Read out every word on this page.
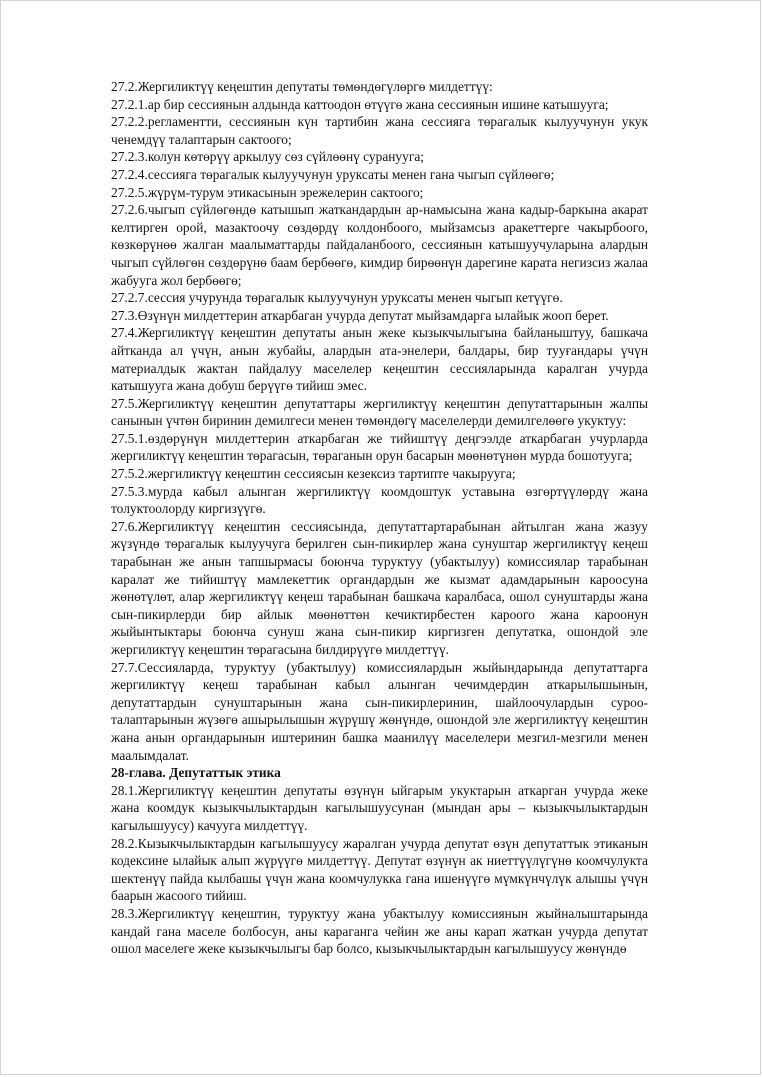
27.2.Жергиликтүү кеңештин депутаты төмөндөгүлөргө милдеттүү:

27.2.1.ар бир сессиянын алдында каттоодон өтүүгө жана сессиянын ишине катышууга;

27.2.2.регламентти, сессиянын күн тартибин жана сессияга төрагалык кылуучунун укук ченемдүү талаптарын сактоого;

27.2.3.колун көтөрүү аркылуу сөз сүйлөөнү суранууга;

27.2.4.сессияга төрагалык кылуучунун уруксаты менен гана чыгып сүйлөөгө;

27.2.5.жүрүм-турум этикасынын эрежелерин сактоого;

27.2.6.чыгып сүйлөгөндө катышып жаткандардын ар-намысына жана кадыр-баркына акарат келтирген орой, мазактоочу сөздөрдү колдонбоого, мыйзамсыз аракеттерге чакырбоого, көзкөрүнөө жалган маалыматтарды пайдаланбоого, сессиянын катышуучуларына алардын чыгып сүйлөгөн сөздөрүнө баам бербөөгө, кимдир бирөөнүн дарегине карата негизсиз жалаа жабууга жол бербөөгө;

27.2.7.сессия учурунда төрагалык кылуучунун уруксаты менен чыгып кетүүгө.

27.3.Өзүнүн милдеттерин аткарбаган учурда депутат мыйзамдарга ылайык жооп берет.

27.4.Жергиликтүү кеңештин депутаты анын жеке кызыкчылыгына байланыштуу, башкача айтканда ал үчүн, анын жубайы, алардын ата-энелери, балдары, бир тууғандары үчүн материалдык жактан пайдалуу маселелер кеңештин сессияларында каралган учурда катышууга жана добуш берүүгө тийиш эмес.

27.5.Жергиликтүү кеңештин депутаттары жергиликтүү кеңештин депутаттарынын жалпы санынын үчтөн биринин демилгеси менен төмөндөгү маселелерди демилгелөөгө укуктуу:

27.5.1.өздөрүнүн милдеттерин аткарбаган же тийиштүү деңгээлде аткарбаган учурларда жергиликтүү кеңештин төрагасын, төраганын орун басарын мөөнөтүнөн мурда бошотууга;

27.5.2.жергиликтүү кеңештин сессиясын кезексиз тартипте чакырууга;

27.5.3.мурда кабыл алынган жергиликтүү коомдоштук уставына өзгөртүүлөрдү жана толуктоолорду киргизүүгө.

27.6.Жергиликтүү кеңештин сессиясында, депутаттартарабынан айтылган жана жазуу жүзүндө төрагалык кылуучуга берилген сын-пикирлер жана сунуштар жергиликтүү кеңеш тарабынан же анын тапшырмасы боюнча туруктуу (убактылуу) комиссиялар тарабынан каралат же тийиштүү мамлекеттик органдардын же кызмат адамдарынын кароосуна жөнөтүлөт, алар жергиликтүү кеңеш тарабынан башкача каралбаса, ошол сунуштарды жана сын-пикирлерди бир айлык мөөнөттөн кечиктирбестен кароого жана кароонун жыйынтыктары боюнча сунуш жана сын-пикир киргизген депутатка, ошондой эле жергиликтүү кеңештин төрагасына билдирүүгө милдеттүү.

27.7.Сессияларда, туруктуу (убактылуу) комиссиялардын жыйындарында депутаттарга жергиликтүү кеңеш тарабынан кабыл алынган чечимдердин аткарылышынын, депутаттардын сунуштарынын жана сын-пикирлеринин, шайлоочулардын суроо-талаптарынын жүзөгө ашырылышын жүрүшү жөнүндө, ошондой эле жергиликтүү кеңештин жана анын органдарынын иштеринин башка маанилүү маселелери мезгил-мезгили менен маалымдалат.

28-глава. Депутаттык этика

28.1.Жергиликтүү кеңештин депутаты өзүнүн ыйгарым укуктарын аткарган учурда жеке жана коомдук кызыкчылыктардын кагылышуусунан (мындан ары – кызыкчылыктардын кагылышуусу) качууга милдеттүү.

28.2.Кызыкчылыктардын кагылышуусу жаралган учурда депутат өзүн депутаттык этиканын кодексине ылайык алып жүрүүгө милдеттүү. Депутат өзүнүн ак ниеттүүлүгүнө коомчулукта шектенүү пайда кылбашы үчүн жана коомчулукка гана ишенүүгө мүмкүнчүлүк алышы үчүн баарын жасоого тийиш.

28.3.Жергиликтүү кеңештин, туруктуу жана убактылуу комиссиянын жыйналыштарында кандай гана маселе болбосун, аны караганга чейин же аны карап жаткан учурда депутат ошол маселеге жеке кызыкчылыгы бар болсо, кызыкчылыктардын кагылышуусу жөнүндө
